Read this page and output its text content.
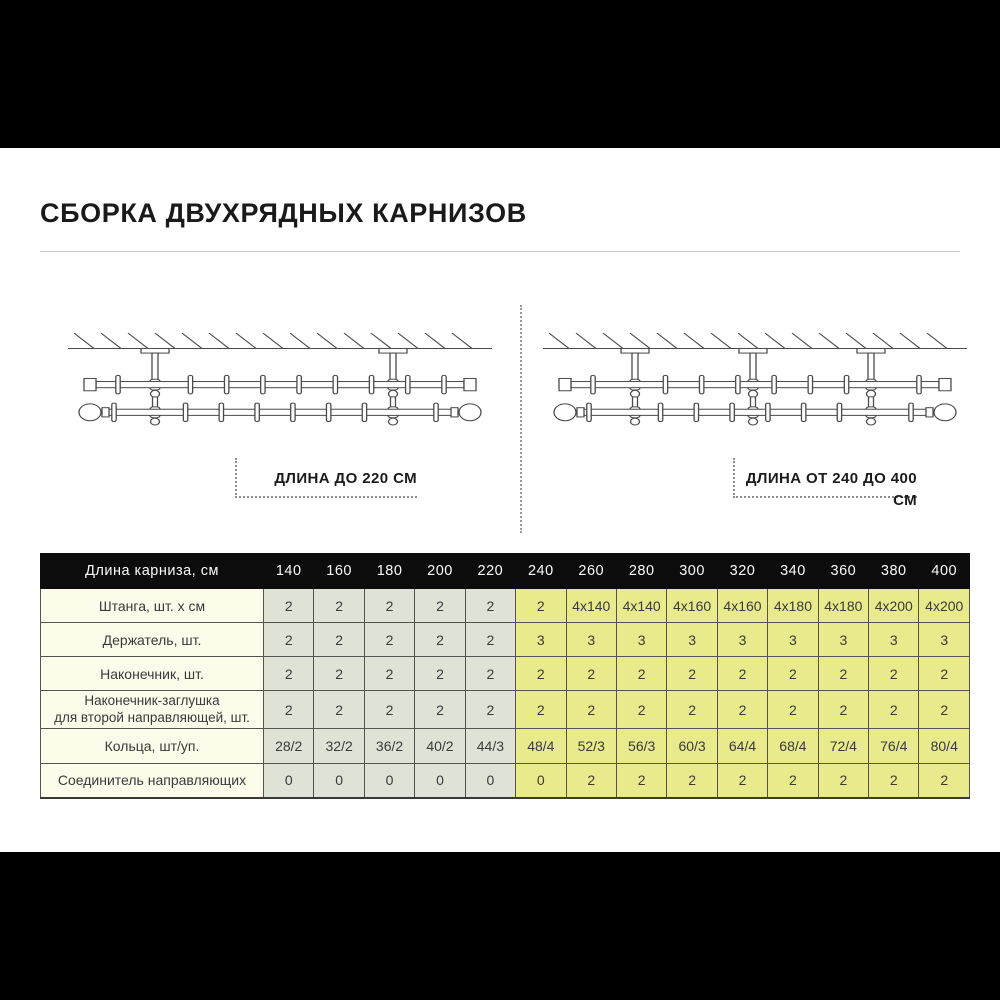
СБОРКА ДВУХРЯДНЫХ КАРНИЗОВ
ДЛИНА ДО 220 СМ	ДЛИНА ОТ 240 ДО 400 СМ
Длина карниза, см	140	160	180	200	220	240	260	280	300	320	340	360	380	400
Штанга, шт. х см	2	2	2	2	2	2	4x140	4x140	4x160	4x160	4x180	4x180	4x200	4x200
Держатель, шт.	2	2	2	2	2	3	3	3	3	3	3	3	3	3
Наконечник, шт.	2	2	2	2	2	2	2	2	2	2	2	2	2	2

Наконечник-заглушка
для второй направляющей, шт.	2	2	2	2	2	2	2	2	2	2	2	2	2	2
Кольца, шт/уп.	28/2	32/2	36/2	40/2	44/3	48/4	52/3	56/3	60/3	64/4	68/4	72/4	76/4	80/4
Соединитель направляющих	0	0	0	0	0	0	2	2	2	2	2	2	2	2
